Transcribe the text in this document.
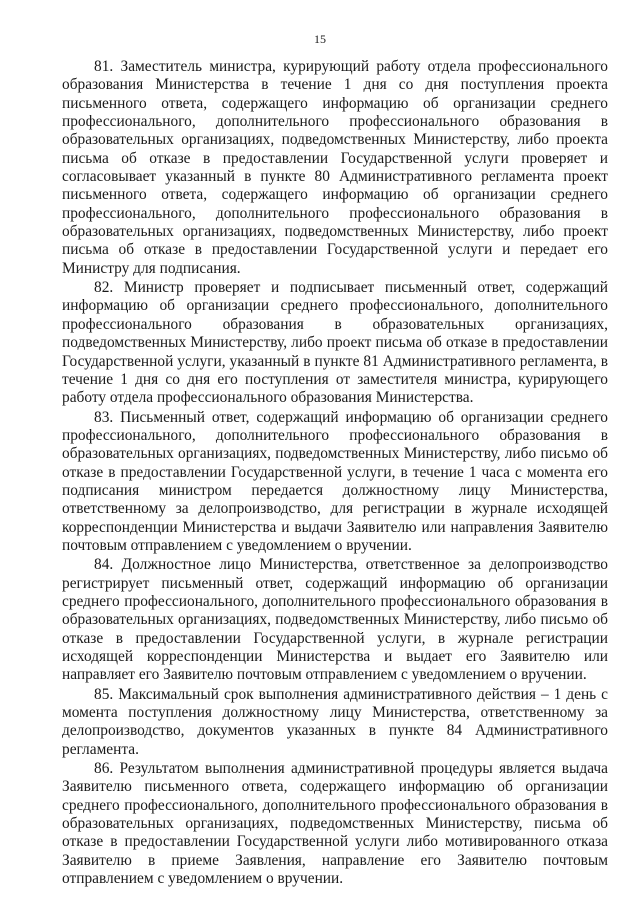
15

81. Заместитель министра, курирующий работу отдела профессионального образования Министерства в течение 1 дня со дня поступления проекта письменного ответа, содержащего информацию об организации среднего профессионального, дополнительного профессионального образования в образовательных организациях, подведомственных Министерству, либо проекта письма об отказе в предоставлении Государственной услуги проверяет и согласовывает указанный в пункте 80 Административного регламента проект письменного ответа, содержащего информацию об организации среднего профессионального, дополнительного профессионального образования в образовательных организациях, подведомственных Министерству, либо проект письма об отказе в предоставлении Государственной услуги и передает его Министру для подписания.

82. Министр проверяет и подписывает письменный ответ, содержащий информацию об организации среднего профессионального, дополнительного профессионального образования в образовательных организациях, подведомственных Министерству, либо проект письма об отказе в предоставлении Государственной услуги, указанный в пункте 81 Административного регламента, в течение 1 дня со дня его поступления от заместителя министра, курирующего работу отдела профессионального образования Министерства.

83. Письменный ответ, содержащий информацию об организации среднего профессионального, дополнительного профессионального образования в образовательных организациях, подведомственных Министерству, либо письмо об отказе в предоставлении Государственной услуги, в течение 1 часа с момента его подписания министром передается должностному лицу Министерства, ответственному за делопроизводство, для регистрации в журнале исходящей корреспонденции Министерства и выдачи Заявителю или направления Заявителю почтовым отправлением с уведомлением о вручении.

84. Должностное лицо Министерства, ответственное за делопроизводство регистрирует письменный ответ, содержащий информацию об организации среднего профессионального, дополнительного профессионального образования в образовательных организациях, подведомственных Министерству, либо письмо об отказе в предоставлении Государственной услуги, в журнале регистрации исходящей корреспонденции Министерства и выдает его Заявителю или направляет его Заявителю почтовым отправлением с уведомлением о вручении.

85. Максимальный срок выполнения административного действия – 1 день с момента поступления должностному лицу Министерства, ответственному за делопроизводство, документов указанных в пункте 84 Административного регламента.

86. Результатом выполнения административной процедуры является выдача Заявителю письменного ответа, содержащего информацию об организации среднего профессионального, дополнительного профессионального образования в образовательных организациях, подведомственных Министерству, письма об отказе в предоставлении Государственной услуги либо мотивированного отказа Заявителю в приеме Заявления, направление его Заявителю почтовым отправлением с уведомлением о вручении.
